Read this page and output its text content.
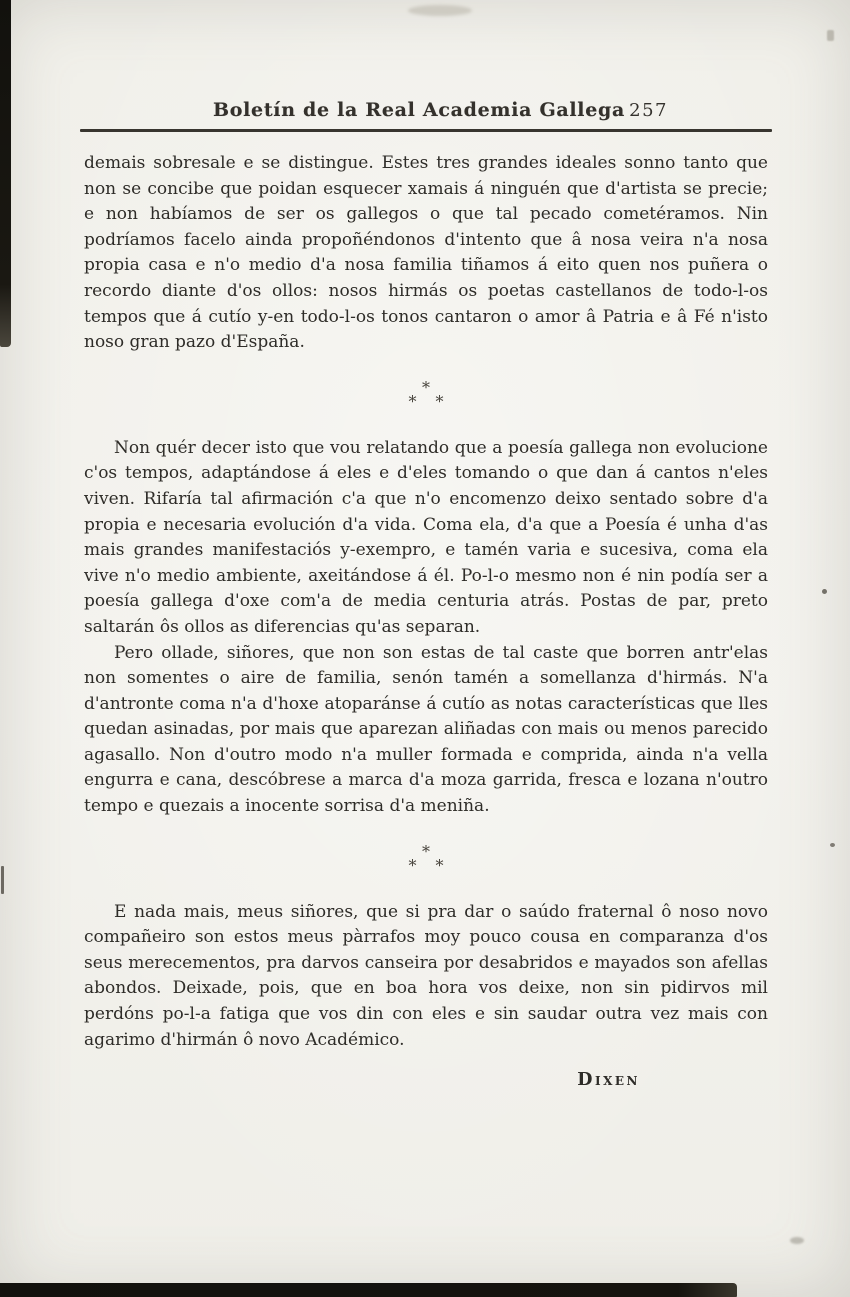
Boletín de la Real Academia Gallega 257

demais sobresale e se distingue. Estes tres grandes ideales sonno tanto que non se concibe que poidan esquecer xamais á ninguén que d'artista se precie; e non habíamos de ser os gallegos o que tal pecado cometéramos. Nin podríamos facelo ainda propoñéndonos d'intento que â nosa veira n'a nosa propia casa e n'o medio d'a nosa familia tiñamos á eito quen nos puñera o recordo diante d'os ollos: nosos hirmás os poetas castellanos de todo-l-os tempos que á cutío y-en todo-l-os tonos cantaron o amor â Patria e â Fé n'isto noso gran pazo d'España.

*
* *

Non quér decer isto que vou relatando que a poesía gallega non evolucione c'os tempos, adaptándose á eles e d'eles tomando o que dan á cantos n'eles viven. Rifaría tal afirmación c'a que n'o encomenzo deixo sentado sobre d'a propia e necesaria evolución d'a vida. Coma ela, d'a que a Poesía é unha d'as mais grandes manifestaciós y-exempro, e tamén varia e sucesiva, coma ela vive n'o medio ambiente, axeitándose á él. Po-l-o mesmo non é nin podía ser a poesía gallega d'oxe com'a de media centuria atrás. Postas de par, preto saltarán ôs ollos as diferencias qu'as separan.

Pero ollade, siñores, que non son estas de tal caste que borren antr'elas non somentes o aire de familia, senón tamén a somellanza d'hirmás. N'a d'antronte coma n'a d'hoxe atoparánse á cutío as notas características que lles quedan asinadas, por mais que aparezan aliñadas con mais ou menos parecido agasallo. Non d'outro modo n'a muller formada e comprida, ainda n'a vella engurra e cana, descóbrese a marca d'a moza garrida, fresca e lozana n'outro tempo e quezais a inocente sorrisa d'a meniña.

*
* *

E nada mais, meus siñores, que si pra dar o saúdo fraternal ô noso novo compañeiro son estos meus pàrrafos moy pouco cousa en comparanza d'os seus merecementos, pra darvos canseira por desabridos e mayados son afellas abondos. Deixade, pois, que en boa hora vos deixe, non sin pidirvos mil perdóns po-l-a fatiga que vos din con eles e sin saudar outra vez mais con agarimo d'hirmán ô novo Académico.

Dixen
